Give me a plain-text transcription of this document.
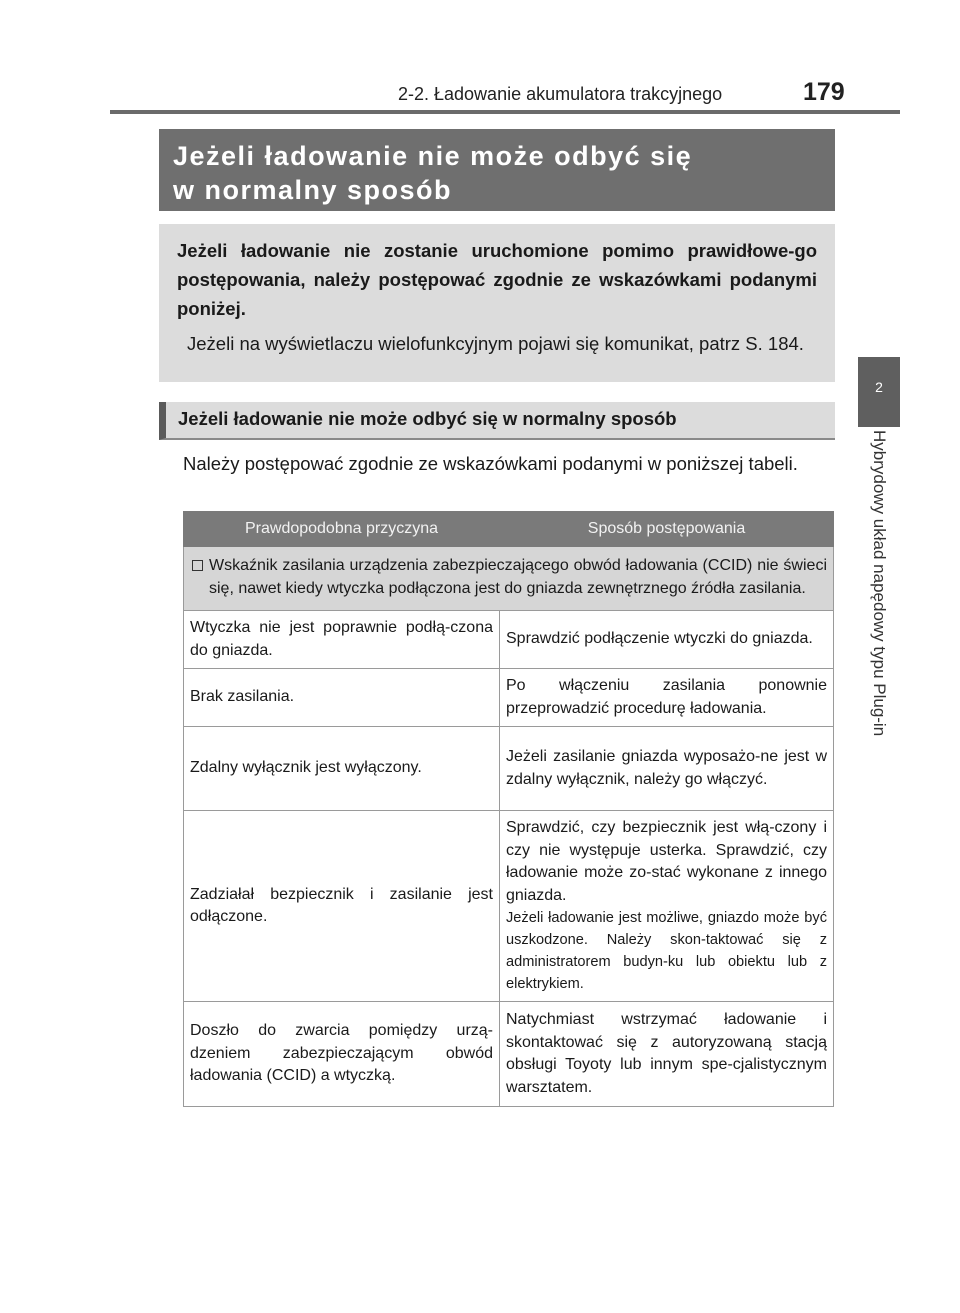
2-2. Ładowanie akumulatora trakcyjnego	179
2
Hybrydowy układ napędowy typu Plug-in
Jeżeli ładowanie nie może odbyć się
w normalny sposób

Jeżeli ładowanie nie zostanie uruchomione pomimo prawidłowe-go postępowania, należy postępować zgodnie ze wskazówkami podanymi poniżej.

Jeżeli na wyświetlaczu wielofunkcyjnym pojawi się komunikat, patrz S. 184.

Jeżeli ładowanie nie może odbyć się w normalny sposób
Należy postępować zgodnie ze wskazówkami podanymi w poniższej tabeli.
Prawdopodobna przyczyna	Sposób postępowania

Wskaźnik zasilania urządzenia zabezpieczającego obwód ładowania (CCID) nie świeci się, nawet kiedy wtyczka podłączona jest do gniazda zewnętrznego źródła zasilania.	

Wtyczka nie jest poprawnie podłą-czona do gniazda.	Sprawdzić podłączenie wtyczki do gniazda.
Brak zasilania.	Po włączeniu zasilania ponownie przeprowadzić procedurę ładowania.
Zdalny wyłącznik jest wyłączony.	Jeżeli zasilanie gniazda wyposażo-ne jest w zdalny wyłącznik, należy go włączyć.
Zadziałał bezpiecznik i zasilanie jest odłączone.	Sprawdzić, czy bezpiecznik jest włą-czony i czy nie występuje usterka. Sprawdzić, czy ładowanie może zo-stać wykonane z innego gniazda.
Jeżeli ładowanie jest możliwe, gniazdo może być uszkodzone. Należy skon-taktować się z administratorem budyn-ku lub obiektu lub z elektrykiem.

Doszło do zwarcia pomiędzy urzą-dzeniem zabezpieczającym obwód ładowania (CCID) a wtyczką.	Natychmiast wstrzymać ładowanie i skontaktować się z autoryzowaną stacją obsługi Toyoty lub innym spe-cjalistycznym warsztatem.
